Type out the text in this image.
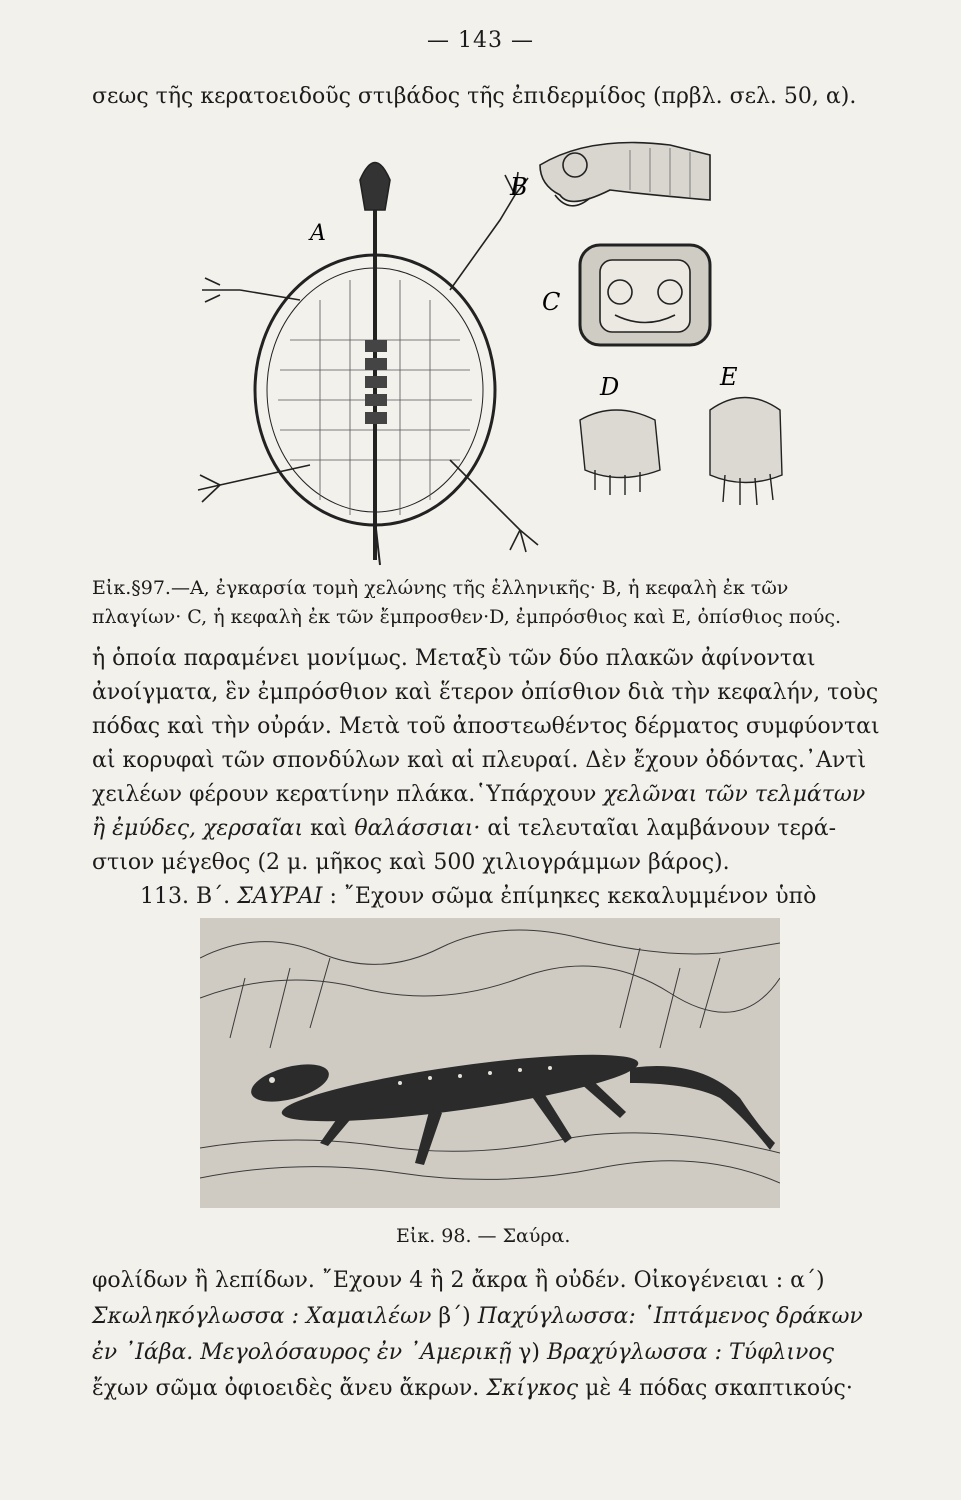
— 143 —
σεως τῆς κερατοειδοῦς στιβάδος τῆς ἐπιδερμίδος (πρβλ. σελ. 50, α).
A
B
C
D	E
Εἰκ.§97.—A, ἐγκαρσία τομὴ χελώνης τῆς ἑλληνικῆς· B, ἡ κεφαλὴ ἐκ τῶν
πλαγίων· C, ἡ κεφαλὴ ἐκ τῶν ἔμπροσθεν·D, ἐμπρόσθιος καὶ E, ὀπίσθιος πούς.
ἡ ὁποία παραμένει μονίμως. Μεταξὺ τῶν δύο πλακῶν ἀφίνονται
ἀνοίγματα, ἓν ἐμπρόσθιον καὶ ἕτερον ὀπίσθιον διὰ τὴν κεφαλήν, τοὺς
πόδας καὶ τὴν οὐράν. Μετὰ τοῦ ἀποστεωθέντος δέρματος συμφύονται
αἱ κορυφαὶ τῶν σπονδύλων καὶ αἱ πλευραί. Δὲν ἔχουν ὀδόντας.᾿Αντὶ
χειλέων φέρουν κερατίνην πλάκα.῾Υπάρχουν χελῶναι τῶν τελμάτων
ἢ ἐμύδες, χερσαῖαι καὶ θαλάσσιαι· αἱ τελευταῖαι λαμβάνουν τερά-
στιον μέγεθος (2 μ. μῆκος καὶ 500 χιλιογράμμων βάρος).
113. Β΄. ΣΑΥΡΑΙ : ῎Εχουν σῶμα ἐπίμηκες κεκαλυμμένον ὑπὸ
Εἰκ. 98. — Σαύρα.
φολίδων ἢ λεπίδων. ῎Εχουν 4 ἢ 2 ἄκρα ἢ οὐδέν. Οἰκογένειαι : α΄)
Σκωληκόγλωσσα : Χαμαιλέων β΄) Παχύγλωσσα: ῾Ιπτάμενος δράκων
ἐν ᾿Ιάβα. Μεγολόσαυρος ἐν ᾿Αμερικῇ γ) Βραχύγλωσσα : Τύφλινος
ἔχων σῶμα ὀφιοειδὲς ἄνευ ἄκρων. Σκίγκος μὲ 4 πόδας σκαπτικούς·
